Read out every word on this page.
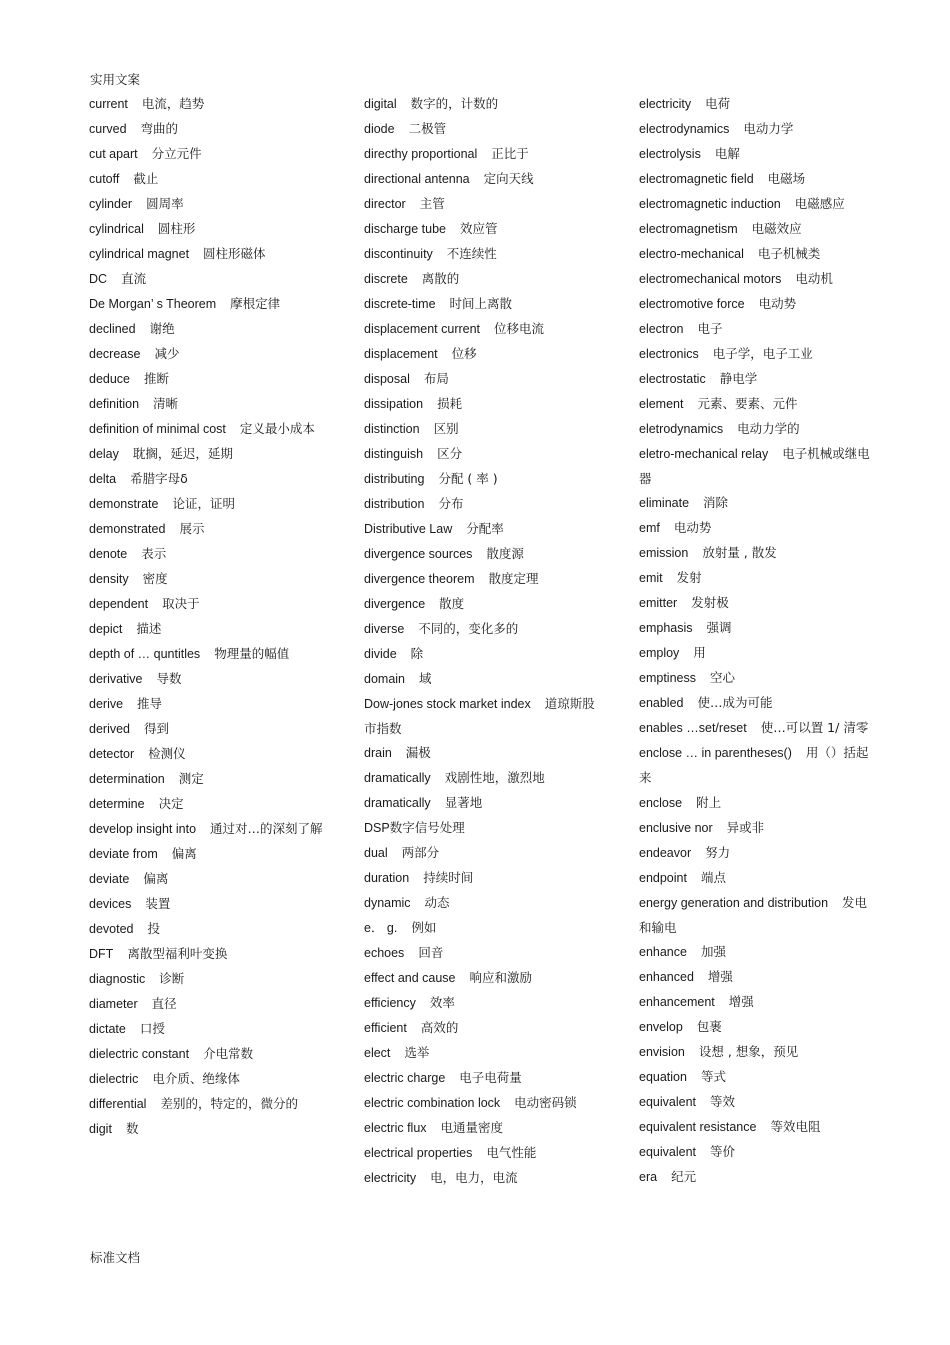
实用文案
current 电流，趋势
curved 弯曲的
cut apart 分立元件
cutoff 截止
cylinder 圆周率
cylindrical 圆柱形
cylindrical magnet 圆柱形磁体
DC 直流
De Morgan’ s Theorem 摩根定律
declined 谢绝
decrease 减少
deduce 推断
definition 清晰
definition of minimal cost 定义最小成本
delay 耽搁，延迟，延期
delta 希腊字母δ
demonstrate 论证，证明
demonstrated 展示
denote 表示
density 密度
dependent 取决于
depict 描述
depth of … quntitles 物理量的幅值
derivative 导数
derive 推导
derived 得到
detector 检测仪
determination 测定
determine 决定
develop insight into 通过对…的深刻了解
deviate from 偏离
deviate 偏离
devices 装置
devoted 投
DFT 离散型福利叶变换
diagnostic 诊断
diameter 直径
dictate 口授
dielectric constant 介电常数
dielectric 电介质、绝缘体
differential 差别的，特定的，微分的
digit 数
digital 数字的，计数的
diode 二极管
directhy proportional 正比于
directional antenna 定向天线
director 主管
discharge tube 效应管
discontinuity 不连续性
discrete 离散的
discrete-time 时间上离散
displacement current 位移电流
displacement 位移
disposal 布局
dissipation 损耗
distinction 区别
distinguish 区分
distributing 分配 ( 率 )
distribution 分布
Distributive Law 分配率
divergence sources 散度源
divergence theorem 散度定理
divergence 散度
diverse 不同的，变化多的
divide 除
domain 域
Dow-jones stock market index 道琼斯股市指数
drain 漏极
dramatically 戏剧性地，激烈地
dramatically 显著地
DSP数字信号处理
dual 两部分
duration 持续时间
dynamic 动态
e． g. 例如
echoes 回音
effect and cause 响应和激励
efficiency 效率
efficient 高效的
elect 选举
electric charge 电子电荷量
electric combination lock 电动密码锁
electric flux 电通量密度
electrical properties 电气性能
electricity 电，电力，电流
electricity 电荷
electrodynamics 电动力学
electrolysis 电解
electromagnetic field 电磁场
electromagnetic induction 电磁感应
electromagnetism 电磁效应
electro-mechanical 电子机械类
electromechanical motors 电动机
electromotive force 电动势
electron 电子
electronics 电子学，电子工业
electrostatic 静电学
element 元素、要素、元件
eletrodynamics 电动力学的
eletro-mechanical relay 电子机械或继电器
eliminate 消除
emf 电动势
emission 放射量 , 散发
emit 发射
emitter 发射极
emphasis 强调
employ 用
emptiness 空心
enabled 使…成为可能
enables …set/reset 使…可以置 1/ 清零
enclose … in parentheses() 用（）括起来
enclose 附上
enclusive nor 异或非
endeavor 努力
endpoint 端点
energy generation and distribution 发电和输电
enhance 加强
enhanced 增强
enhancement 增强
envelop 包裹
envision 设想 , 想象，预见
equation 等式
equivalent 等效
equivalent resistance 等效电阻
equivalent 等价
era 纪元
标准文档
